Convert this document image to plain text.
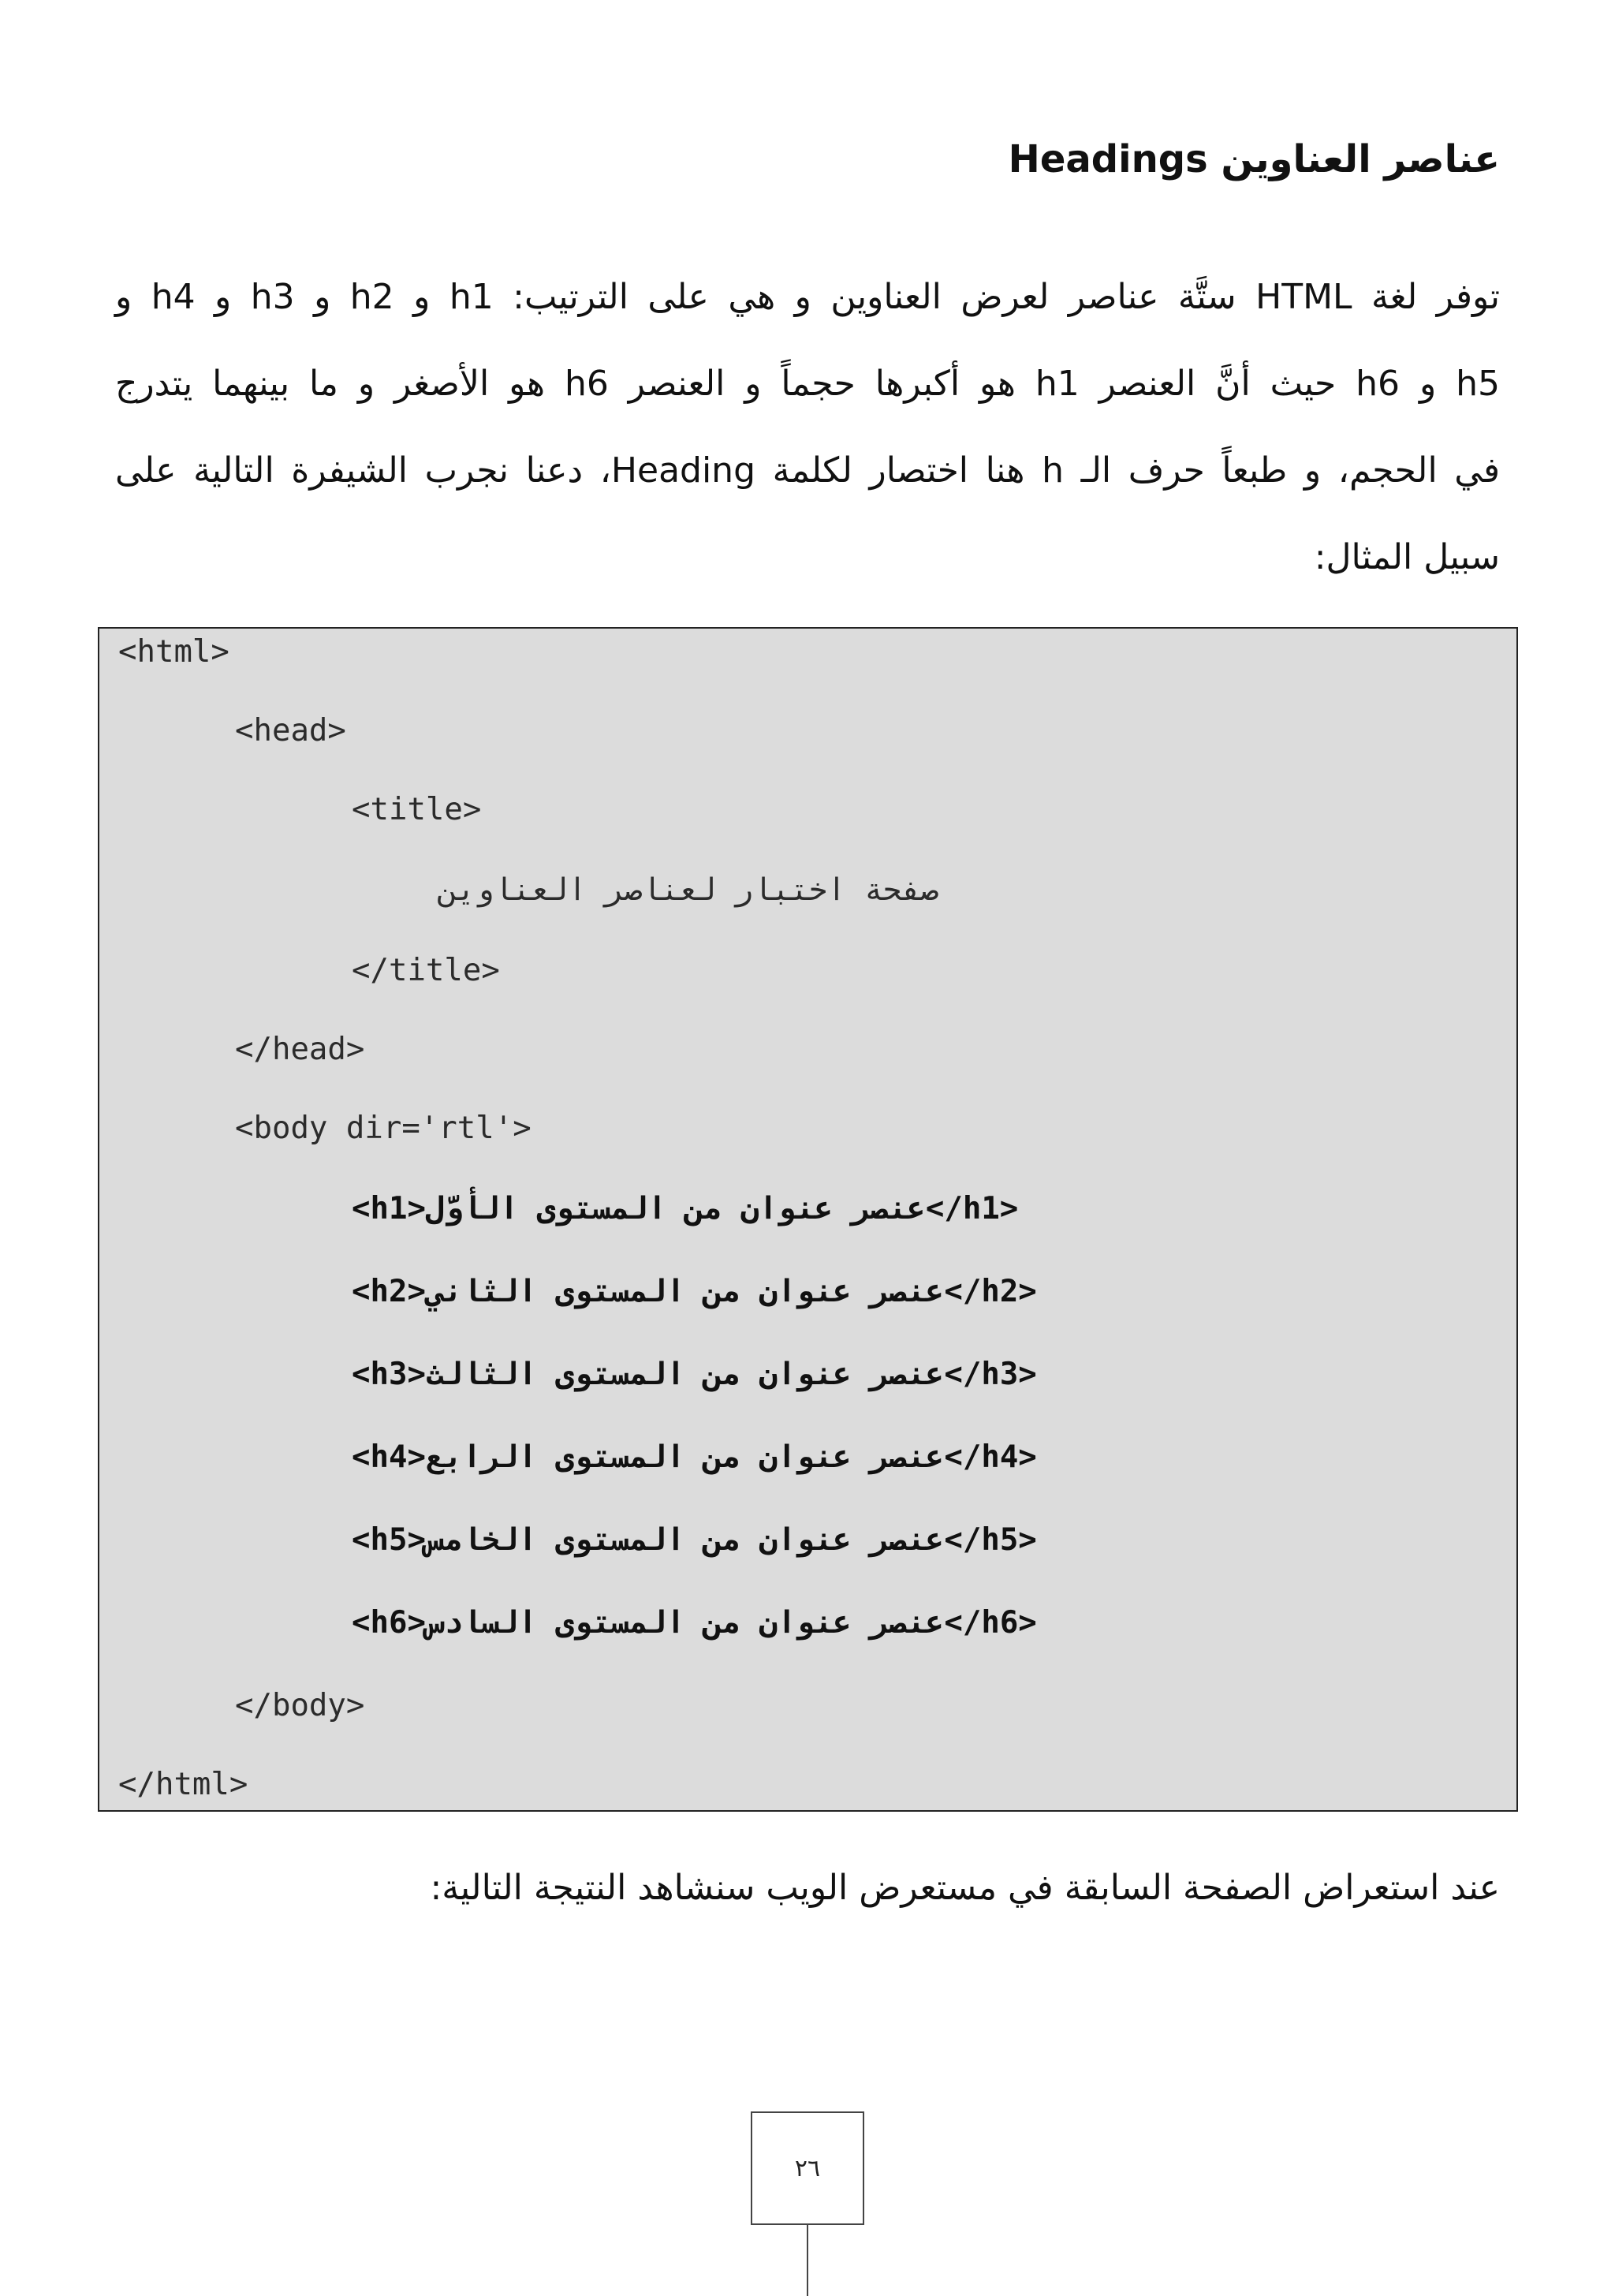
عناصر العناوين Headings

توفر لغة HTML ستَّة عناصر لعرض العناوين و هي على الترتيب: h1 و h2 و h3 و h4 و
h5 و h6 حيث أنَّ العنصر h1 هو أكبرها حجماً و العنصر h6 هو الأصغر و ما بينهما يتدرج
في الحجم، و طبعاً حرف الـ h هنا اختصار لكلمة Heading، دعنا نجرب الشيفرة التالية على
سبيل المثال:

<html>
<head>
<title>
صفحة اختبار لعناصر العناوين
</title>
</head>
<body dir='rtl'>
<h1>عنصر عنوان من المستوى الأوَّل</h1>
<h2>عنصر عنوان من المستوى الثاني</h2>
<h3>عنصر عنوان من المستوى الثالث</h3>
<h4>عنصر عنوان من المستوى الرابع</h4>
<h5>عنصر عنوان من المستوى الخامس</h5>
<h6>عنصر عنوان من المستوى السادس</h6>
</body>
</html>

عند استعراض الصفحة السابقة في مستعرض الويب سنشاهد النتيجة التالية:

٢٦
